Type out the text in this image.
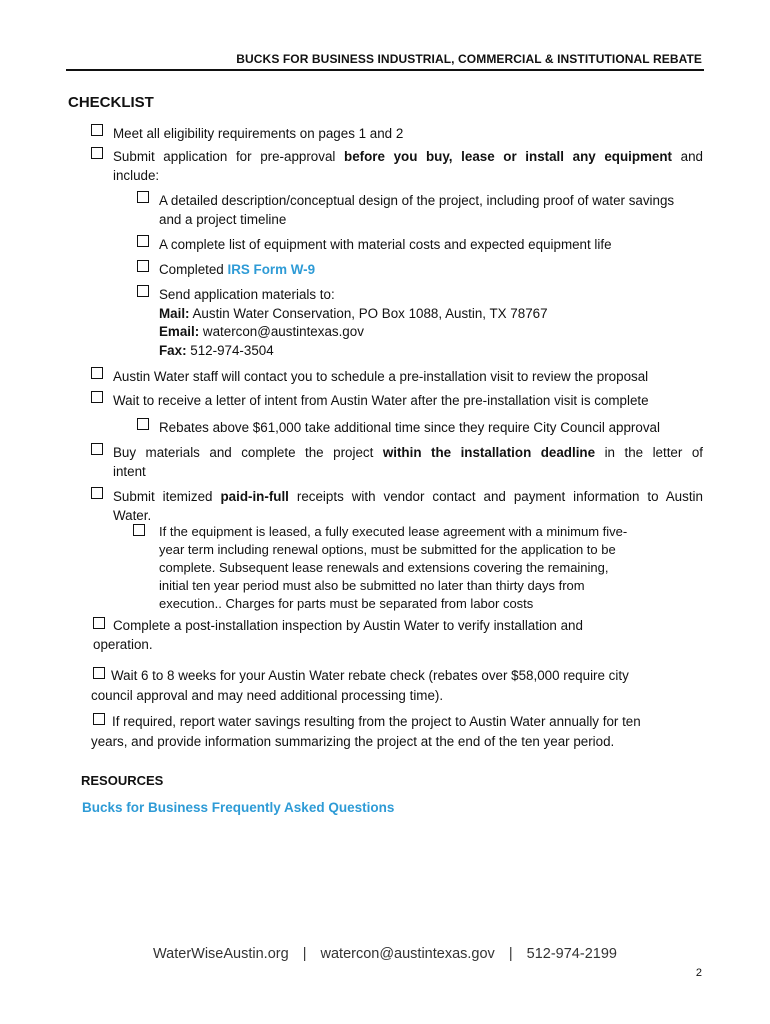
BUCKS FOR BUSINESS INDUSTRIAL, COMMERCIAL & INSTITUTIONAL REBATE
CHECKLIST
Meet all eligibility requirements on pages 1 and 2
Submit application for pre-approval before you buy, lease or install any equipment and
include:
A detailed description/conceptual design of the project, including proof of water savings
and a project timeline
A complete list of equipment with material costs and expected equipment life
Completed IRS Form W-9
Send application materials to:
Mail: Austin Water Conservation, PO Box 1088, Austin, TX 78767
Email: watercon@austintexas.gov
Fax: 512-974-3504
Austin Water staff will contact you to schedule a pre-installation visit to review the proposal
Wait to receive a letter of intent from Austin Water after the pre-installation visit is complete
Rebates above $61,000 take additional time since they require City Council approval
Buy materials and complete the project within the installation deadline in the letter of
intent
Submit itemized paid-in-full receipts with vendor contact and payment information to Austin
Water.
If the equipment is leased, a fully executed lease agreement with a minimum five-
year term including renewal options, must be submitted for the application to be
complete. Subsequent lease renewals and extensions covering the remaining,
initial ten year period must also be submitted no later than thirty days from
execution.. Charges for parts must be separated from labor costs
Complete a post-installation inspection by Austin Water to verify installation and
operation.
Wait 6 to 8 weeks for your Austin Water rebate check (rebates over $58,000 require city
council approval and may need additional processing time).
If required, report water savings resulting from the project to Austin Water annually for ten
years, and provide information summarizing the project at the end of the ten year period.
RESOURCES
Bucks for Business Frequently Asked Questions
WaterWiseAustin.org | watercon@austintexas.gov | 512-974-2199
2
